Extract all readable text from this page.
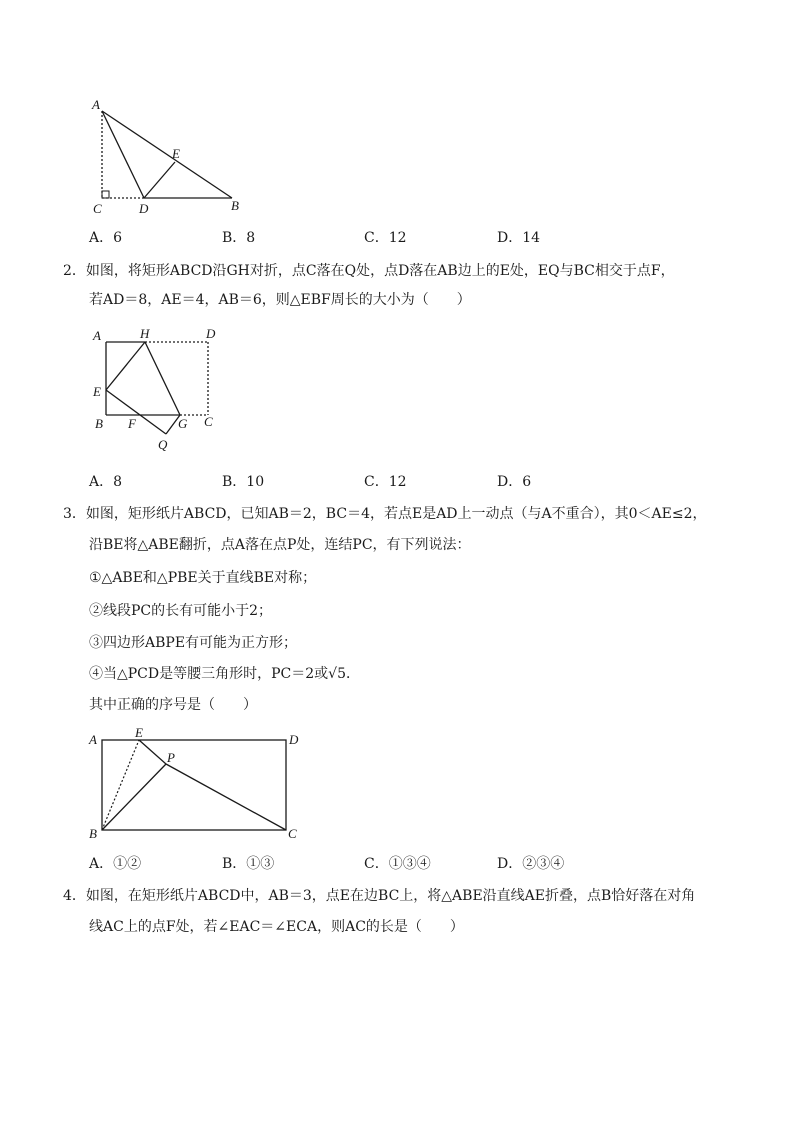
A
E
C	D	B
A．6	B．8	C．12	D．14
2．如图，将矩形ABCD沿GH对折，点C落在Q处，点D落在AB边上的E处，EQ与BC相交于点F，
若AD＝8，AE＝4，AB＝6，则△EBF周长的大小为（　　）
A	H	D
E
B F	G C
Q
A．8	B．10	C．12	D．6
3．如图，矩形纸片ABCD，已知AB＝2，BC＝4，若点E是AD上一动点（与A不重合），其0＜AE≤2，
沿BE将△ABE翻折，点A落在点P处，连结PC，有下列说法：
①△ABE和△PBE关于直线BE对称；
②线段PC的长有可能小于2；
③四边形ABPE有可能为正方形；
④当△PCD是等腰三角形时，PC＝2或√5．
其中正确的序号是（　　）
A	E	D
P
B	C
A．①②	B．①③	C．①③④	D．②③④
4．如图，在矩形纸片ABCD中，AB＝3，点E在边BC上，将△ABE沿直线AE折叠，点B恰好落在对角
线AC上的点F处，若∠EAC＝∠ECA，则AC的长是（　　）
